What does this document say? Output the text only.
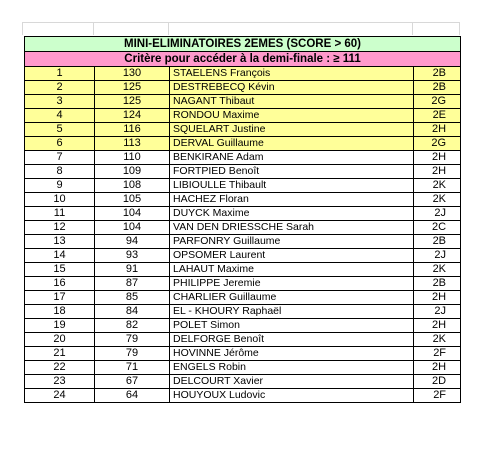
MINI-ELIMINATOIRES 2EMES (SCORE > 60)			
Critère pour accéder à la demi-finale : ≥ 111			
1	130	STAELENS François	2B
2	125	DESTREBECQ Kévin	2B
3	125	NAGANT Thibaut	2G
4	124	RONDOU Maxime	2E
5	116	SQUELART Justine	2H
6	113	DERVAL Guillaume	2G
7	110	BENKIRANE Adam	2H
8	109	FORTPIED Benoît	2H
9	108	LIBIOULLE Thibault	2K
10	105	HACHEZ Floran	2K
11	104	DUYCK Maxime	2J
12	104	VAN DEN DRIESSCHE Sarah	2C
13	94	PARFONRY Guillaume	2B
14	93	OPSOMER Laurent	2J
15	91	LAHAUT Maxime	2K
16	87	PHILIPPE Jeremie	2B
17	85	CHARLIER Guillaume	2H
18	84	EL - KHOURY Raphaël	2J
19	82	POLET Simon	2H
20	79	DELFORGE Benoît	2K
21	79	HOVINNE Jérôme	2F
22	71	ENGELS Robin	2H
23	67	DELCOURT Xavier	2D
24	64	HOUYOUX Ludovic	2F
